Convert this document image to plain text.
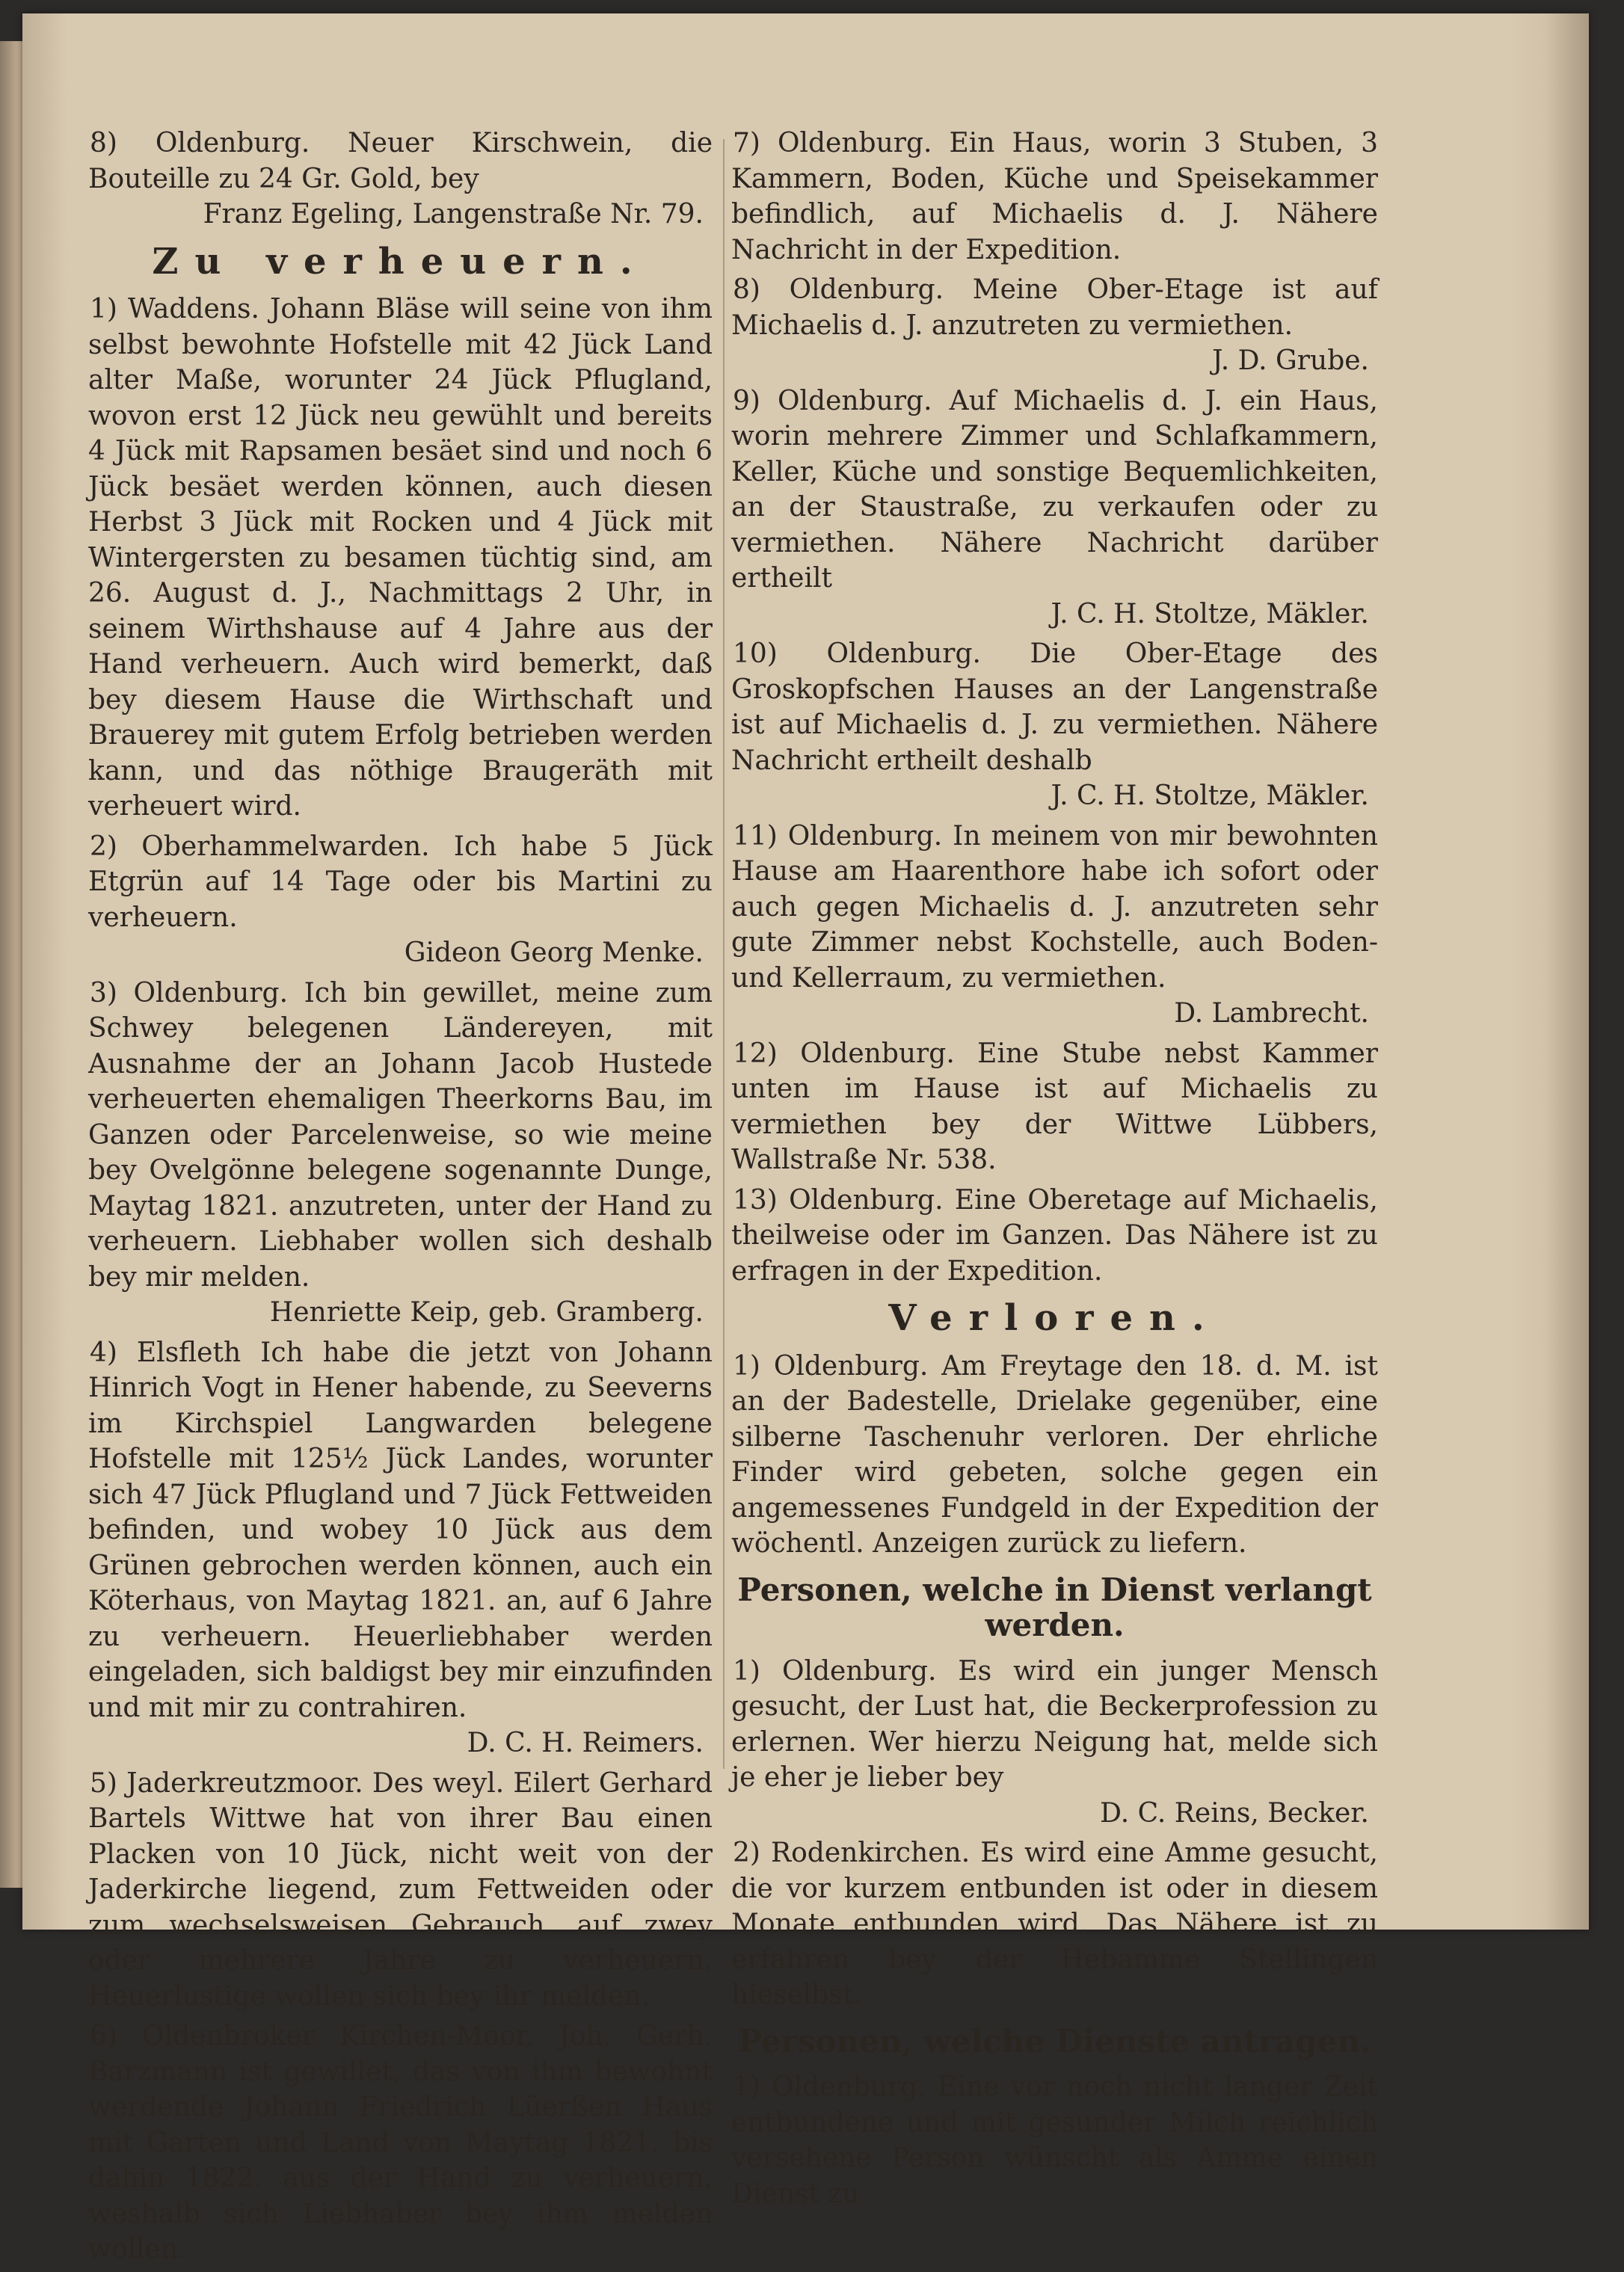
8) Oldenburg. Neuer Kirschwein, die Bouteille zu 24 Gr. Gold, bey
Franz Egeling, Langenstraße Nr. 79.

Zu verheuern.

1) Waddens. Johann Bläse will seine von ihm selbst bewohnte Hofstelle mit 42 Jück Land alter Maße, worunter 24 Jück Pflugland, wovon erst 12 Jück neu gewühlt und bereits 4 Jück mit Rapsamen besäet sind und noch 6 Jück besäet werden können, auch diesen Herbst 3 Jück mit Rocken und 4 Jück mit Wintergersten zu besamen tüchtig sind, am 26. August d. J., Nachmittags 2 Uhr, in seinem Wirthshause auf 4 Jahre aus der Hand verheuern. Auch wird bemerkt, daß bey diesem Hause die Wirthschaft und Brauerey mit gutem Erfolg betrieben werden kann, und das nöthige Braugeräth mit verheuert wird.

2) Oberhammelwarden. Ich habe 5 Jück Etgrün auf 14 Tage oder bis Martini zu verheuern.
Gideon Georg Menke.

3) Oldenburg. Ich bin gewillet, meine zum Schwey belegenen Ländereyen, mit Ausnahme der an Johann Jacob Hustede verheuerten ehemaligen Theerkorns Bau, im Ganzen oder Parcelenweise, so wie meine bey Ovelgönne belegene sogenannte Dunge, Maytag 1821. anzutreten, unter der Hand zu verheuern. Liebhaber wollen sich deshalb bey mir melden.
Henriette Keip, geb. Gramberg.

4) Elsfleth Ich habe die jetzt von Johann Hinrich Vogt in Hener habende, zu Seeverns im Kirchspiel Langwarden belegene Hofstelle mit 125½ Jück Landes, worunter sich 47 Jück Pflugland und 7 Jück Fettweiden befinden, und wobey 10 Jück aus dem Grünen gebrochen werden können, auch ein Köterhaus, von Maytag 1821. an, auf 6 Jahre zu verheuern. Heuerliebhaber werden eingeladen, sich baldigst bey mir einzufinden und mit mir zu contrahiren.
D. C. H. Reimers.

5) Jaderkreutzmoor. Des weyl. Eilert Gerhard Bartels Wittwe hat von ihrer Bau einen Placken von 10 Jück, nicht weit von der Jaderkirche liegend, zum Fettweiden oder zum wechselsweisen Gebrauch, auf zwey oder mehrere Jahre zu verheuern. Heuerlustige wollen sich bey ihr melden.

6) Oldenbroker Kirchen-Moor. Joh. Gerh. Barzmann ist gewillet, das von ihm bewohnt werdende Johann Friedrich Lüerßen Haus mit Garten und Land von Maytag 1821. bis dahin 1822. aus der Hand zu verheuern, weshalb sich Liebhaber bey ihm melden wollen.

7) Oldenburg. Ein Haus, worin 3 Stuben, 3 Kammern, Boden, Küche und Speisekammer befindlich, auf Michaelis d. J. Nähere Nachricht in der Expedition.

8) Oldenburg. Meine Ober-Etage ist auf Michaelis d. J. anzutreten zu vermiethen.
J. D. Grube.

9) Oldenburg. Auf Michaelis d. J. ein Haus, worin mehrere Zimmer und Schlafkammern, Keller, Küche und sonstige Bequemlichkeiten, an der Staustraße, zu verkaufen oder zu vermiethen. Nähere Nachricht darüber ertheilt
J. C. H. Stoltze, Mäkler.

10) Oldenburg. Die Ober-Etage des Groskopfschen Hauses an der Langenstraße ist auf Michaelis d. J. zu vermiethen. Nähere Nachricht ertheilt deshalb
J. C. H. Stoltze, Mäkler.

11) Oldenburg. In meinem von mir bewohnten Hause am Haarenthore habe ich sofort oder auch gegen Michaelis d. J. anzutreten sehr gute Zimmer nebst Kochstelle, auch Boden- und Kellerraum, zu vermiethen.
D. Lambrecht.

12) Oldenburg. Eine Stube nebst Kammer unten im Hause ist auf Michaelis zu vermiethen bey der Wittwe Lübbers, Wallstraße Nr. 538.

13) Oldenburg. Eine Oberetage auf Michaelis, theilweise oder im Ganzen. Das Nähere ist zu erfragen in der Expedition.

Verloren.

1) Oldenburg. Am Freytage den 18. d. M. ist an der Badestelle, Drielake gegenüber, eine silberne Taschenuhr verloren. Der ehrliche Finder wird gebeten, solche gegen ein angemessenes Fundgeld in der Expedition der wöchentl. Anzeigen zurück zu liefern.

Personen, welche in Dienst verlangt werden.

1) Oldenburg. Es wird ein junger Mensch gesucht, der Lust hat, die Beckerprofession zu erlernen. Wer hierzu Neigung hat, melde sich je eher je lieber bey
D. C. Reins, Becker.

2) Rodenkirchen. Es wird eine Amme gesucht, die vor kurzem entbunden ist oder in diesem Monate entbunden wird. Das Nähere ist zu erfahren bey der Hebamme Stellingen hieselbst.

Personen, welche Dienste antragen.

1) Oldenburg. Eine vor noch nicht langer Zeit entbundene und mit gesunder Milch reichlich versehene Person wünscht als Amme einen Dienst zu
